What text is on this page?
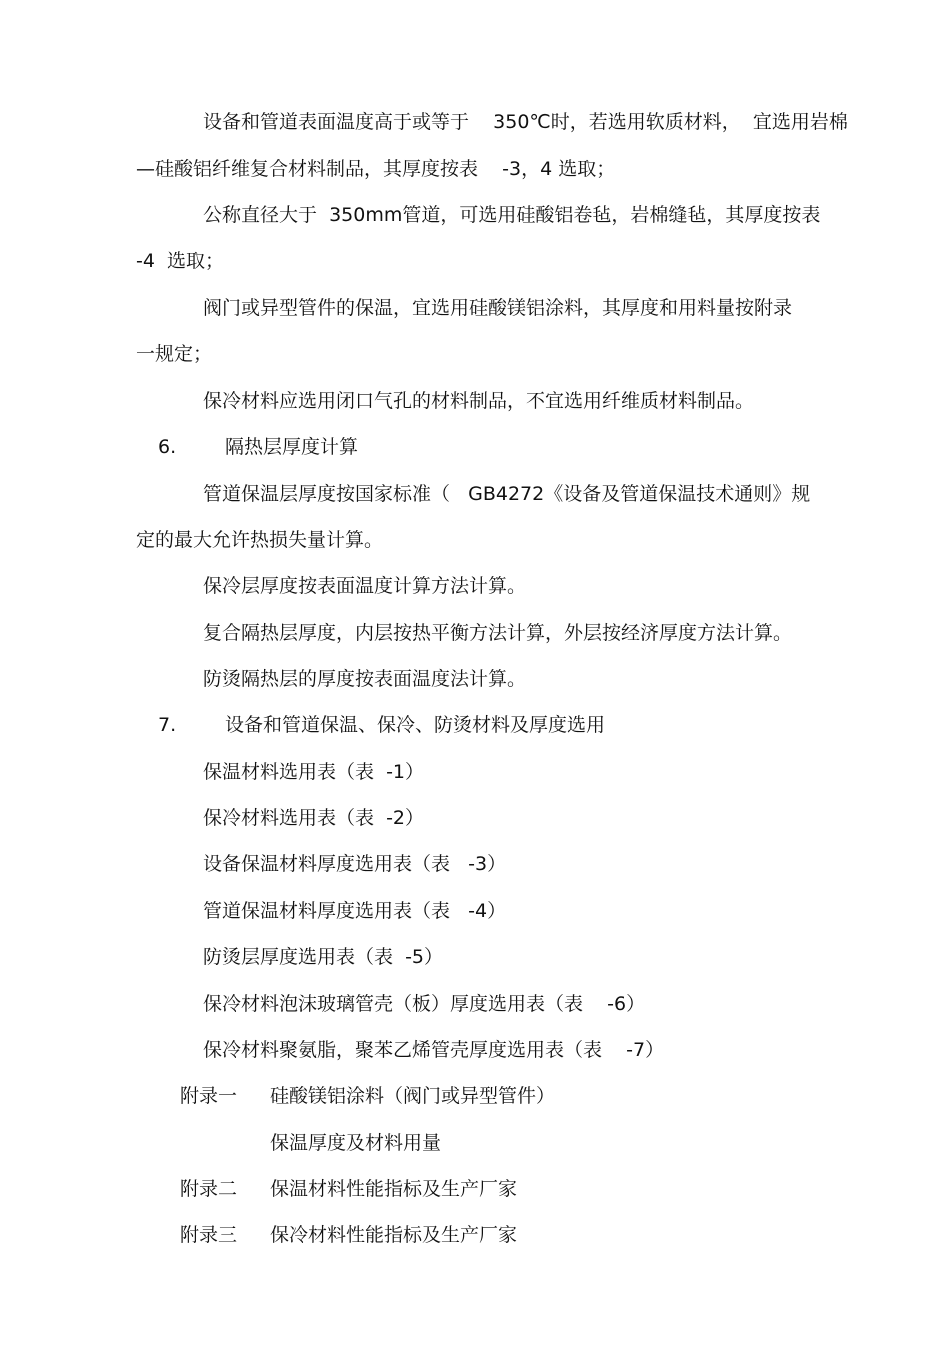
设备和管道表面温度高于或等于    350℃时，若选用软质材料，  宜选用岩棉
—硅酸铝纤维复合材料制品，其厚度按表    -3，4 选取；
公称直径大于  350mm管道，可选用硅酸铝卷毡，岩棉缝毡，其厚度按表
-4  选取；
阀门或异型管件的保温，宜选用硅酸镁铝涂料，其厚度和用料量按附录
一规定；
保冷材料应选用闭口气孔的材料制品，不宜选用纤维质材料制品。
6.	隔热层厚度计算
管道保温层厚度按国家标准（   GB4272《设备及管道保温技术通则》规
定的最大允许热损失量计算。
保冷层厚度按表面温度计算方法计算。
复合隔热层厚度，内层按热平衡方法计算，外层按经济厚度方法计算。
防烫隔热层的厚度按表面温度法计算。
7.	设备和管道保温、保冷、防烫材料及厚度选用
保温材料选用表（表  -1）
保冷材料选用表（表  -2）
设备保温材料厚度选用表（表   -3）
管道保温材料厚度选用表（表   -4）
防烫层厚度选用表（表  -5）
保冷材料泡沫玻璃管壳（板）厚度选用表（表    -6）
保冷材料聚氨脂，聚苯乙烯管壳厚度选用表（表    -7）
附录一 硅酸镁铝涂料（阀门或异型管件）
保温厚度及材料用量
附录二 保温材料性能指标及生产厂家
附录三 保冷材料性能指标及生产厂家
